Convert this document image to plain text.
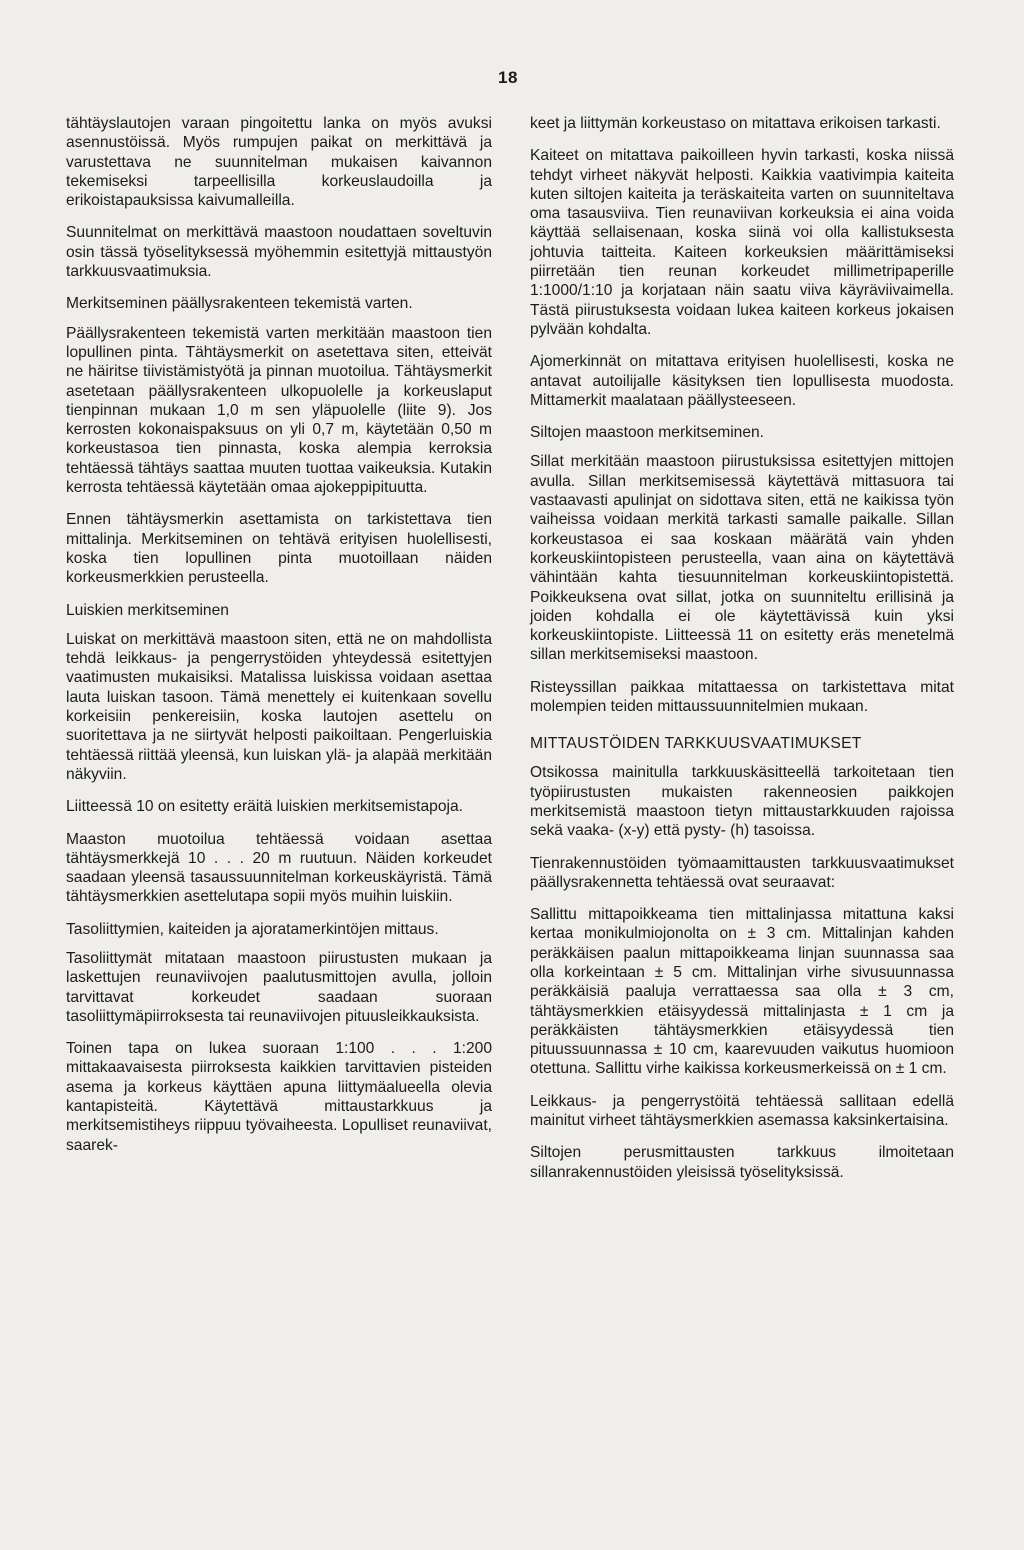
18

tähtäyslautojen varaan pingoitettu lanka on myös avuksi asennustöissä. Myös rumpujen paikat on merkittävä ja varustettava ne suunnitelman mukaisen kaivannon tekemiseksi tarpeellisilla korkeuslaudoilla ja erikoistapauksissa kaivumalleilla.

Suunnitelmat on merkittävä maastoon noudattaen soveltuvin osin tässä työselityksessä myöhemmin esitettyjä mittaustyön tarkkuusvaatimuksia.

Merkitseminen päällysrakenteen tekemistä varten.

Päällysrakenteen tekemistä varten merkitään maastoon tien lopullinen pinta. Tähtäysmerkit on asetettava siten, etteivät ne häiritse tiivistämistyötä ja pinnan muotoilua. Tähtäysmerkit asetetaan päällysrakenteen ulkopuolelle ja korkeuslaput tienpinnan mukaan 1,0 m sen yläpuolelle (liite 9). Jos kerrosten kokonaispaksuus on yli 0,7 m, käytetään 0,50 m korkeustasoa tien pinnasta, koska alempia kerroksia tehtäessä tähtäys saattaa muuten tuottaa vaikeuksia. Kutakin kerrosta tehtäessä käytetään omaa ajokeppipituutta.

Ennen tähtäysmerkin asettamista on tarkistettava tien mittalinja. Merkitseminen on tehtävä erityisen huolellisesti, koska tien lopullinen pinta muotoillaan näiden korkeusmerkkien perusteella.

Luiskien merkitseminen

Luiskat on merkittävä maastoon siten, että ne on mahdollista tehdä leikkaus- ja pengerrystöiden yhteydessä esitettyjen vaatimusten mukaisiksi. Matalissa luiskissa voidaan asettaa lauta luiskan tasoon. Tämä menettely ei kuitenkaan sovellu korkeisiin penkereisiin, koska lautojen asettelu on suoritettava ja ne siirtyvät helposti paikoiltaan. Pengerluiskia tehtäessä riittää yleensä, kun luiskan ylä- ja alapää merkitään näkyviin.

Liitteessä 10 on esitetty eräitä luiskien merkitsemistapoja.

Maaston muotoilua tehtäessä voidaan asettaa tähtäysmerkkejä 10 . . . 20 m ruutuun. Näiden korkeudet saadaan yleensä tasaussuunnitelman korkeuskäyristä. Tämä tähtäysmerkkien asettelutapa sopii myös muihin luiskiin.

Tasoliittymien, kaiteiden ja ajoratamerkintöjen mittaus.

Tasoliittymät mitataan maastoon piirustusten mukaan ja laskettujen reunaviivojen paalutusmittojen avulla, jolloin tarvittavat korkeudet saadaan suoraan tasoliittymäpiirroksesta tai reunaviivojen pituusleikkauksista.

Toinen tapa on lukea suoraan 1:100 . . . 1:200 mittakaavaisesta piirroksesta kaikkien tarvittavien pisteiden asema ja korkeus käyttäen apuna liittymäalueella olevia kantapisteitä. Käytettävä mittaustarkkuus ja merkitsemistiheys riippuu työvaiheesta. Lopulliset reunaviivat, saarek-

keet ja liittymän korkeustaso on mitattava erikoisen tarkasti.

Kaiteet on mitattava paikoilleen hyvin tarkasti, koska niissä tehdyt virheet näkyvät helposti. Kaikkia vaativimpia kaiteita kuten siltojen kaiteita ja teräskaiteita varten on suunniteltava oma tasausviiva. Tien reunaviivan korkeuksia ei aina voida käyttää sellaisenaan, koska siinä voi olla kallistuksesta johtuvia taitteita. Kaiteen korkeuksien määrittämiseksi piirretään tien reunan korkeudet millimetripaperille 1:1000/1:10 ja korjataan näin saatu viiva käyräviivaimella. Tästä piirustuksesta voidaan lukea kaiteen korkeus jokaisen pylvään kohdalta.

Ajomerkinnät on mitattava erityisen huolellisesti, koska ne antavat autoilijalle käsityksen tien lopullisesta muodosta. Mittamerkit maalataan päällysteeseen.

Siltojen maastoon merkitseminen.

Sillat merkitään maastoon piirustuksissa esitettyjen mittojen avulla. Sillan merkitsemisessä käytettävä mittasuora tai vastaavasti apulinjat on sidottava siten, että ne kaikissa työn vaiheissa voidaan merkitä tarkasti samalle paikalle. Sillan korkeustasoa ei saa koskaan määrätä vain yhden korkeuskiintopisteen perusteella, vaan aina on käytettävä vähintään kahta tiesuunnitelman korkeuskiintopistettä. Poikkeuksena ovat sillat, jotka on suunniteltu erillisinä ja joiden kohdalla ei ole käytettävissä kuin yksi korkeuskiintopiste. Liitteessä 11 on esitetty eräs menetelmä sillan merkitsemiseksi maastoon.

Risteyssillan paikkaa mitattaessa on tarkistettava mitat molempien teiden mittaussuunnitelmien mukaan.

MITTAUSTÖIDEN TARKKUUSVAATIMUKSET

Otsikossa mainitulla tarkkuuskäsitteellä tarkoitetaan tien työpiirustusten mukaisten rakenneosien paikkojen merkitsemistä maastoon tietyn mittaustarkkuuden rajoissa sekä vaaka- (x-y) että pysty- (h) tasoissa.

Tienrakennustöiden työmaamittausten tarkkuusvaatimukset päällysrakennetta tehtäessä ovat seuraavat:

Sallittu mittapoikkeama tien mittalinjassa mitattuna kaksi kertaa monikulmiojonolta on ± 3 cm. Mittalinjan kahden peräkkäisen paalun mittapoikkeama linjan suunnassa saa olla korkeintaan ± 5 cm. Mittalinjan virhe sivusuunnassa peräkkäisiä paaluja verrattaessa saa olla ± 3 cm, tähtäysmerkkien etäisyydessä mittalinjasta ± 1 cm ja peräkkäisten tähtäysmerkkien etäisyydessä tien pituussuunnassa ± 10 cm, kaarevuuden vaikutus huomioon otettuna. Sallittu virhe kaikissa korkeusmerkeissä on ± 1 cm.

Leikkaus- ja pengerrystöitä tehtäessä sallitaan edellä mainitut virheet tähtäysmerkkien asemassa kaksinkertaisina.

Siltojen perusmittausten tarkkuus ilmoitetaan sillanrakennustöiden yleisissä työselityksissä.
